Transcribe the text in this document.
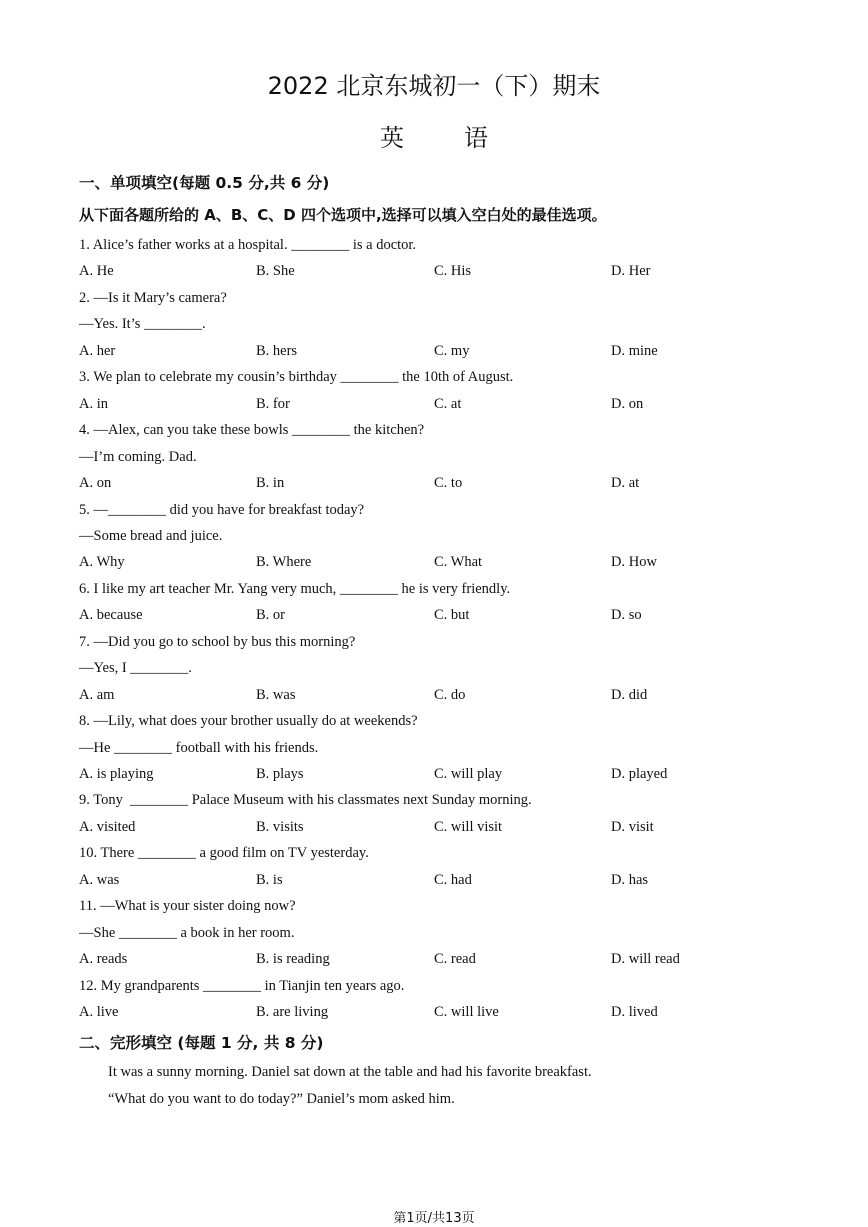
2022 北京东城初一（下）期末
英语
一、单项填空(每题 0.5 分,共 6 分)
从下面各题所给的 A、B、C、D 四个选项中,选择可以填入空白处的最佳选项。
1. Alice’s father works at a hospital. ________ is a doctor.
A. He	B. She	C. His	D. Her
2. —Is it Mary’s camera?
—Yes. It’s ________.
A. her	B. hers	C. my	D. mine
3. We plan to celebrate my cousin’s birthday ________ the 10th of August.
A. in	B. for	C. at	D. on
4. —Alex, can you take these bowls ________ the kitchen?
—I’m coming. Dad.
A. on	B. in	C. to	D. at
5. —________ did you have for breakfast today?
—Some bread and juice.
A. Why	B. Where	C. What	D. How
6. I like my art teacher Mr. Yang very much, ________ he is very friendly.
A. because	B. or	C. but	D. so
7. —Did you go to school by bus this morning?
—Yes, I ________.
A. am	B. was	C. do	D. did
8. —Lily, what does your brother usually do at weekends?
—He ________ football with his friends.
A. is playing	B. plays	C. will play	D. played
9. Tony  ________ Palace Museum with his classmates next Sunday morning.
A. visited	B. visits	C. will visit	D. visit
10. There ________ a good film on TV yesterday.
A. was	B. is	C. had	D. has
11. —What is your sister doing now?
—She ________ a book in her room.
A. reads	B. is reading	C. read	D. will read
12. My grandparents ________ in Tianjin ten years ago.
A. live	B. are living	C. will live	D. lived
二、完形填空 (每题 1 分, 共 8 分)
It was a sunny morning. Daniel sat down at the table and had his favorite breakfast.
“What do you want to do today?” Daniel’s mom asked him.
第1页/共13页
